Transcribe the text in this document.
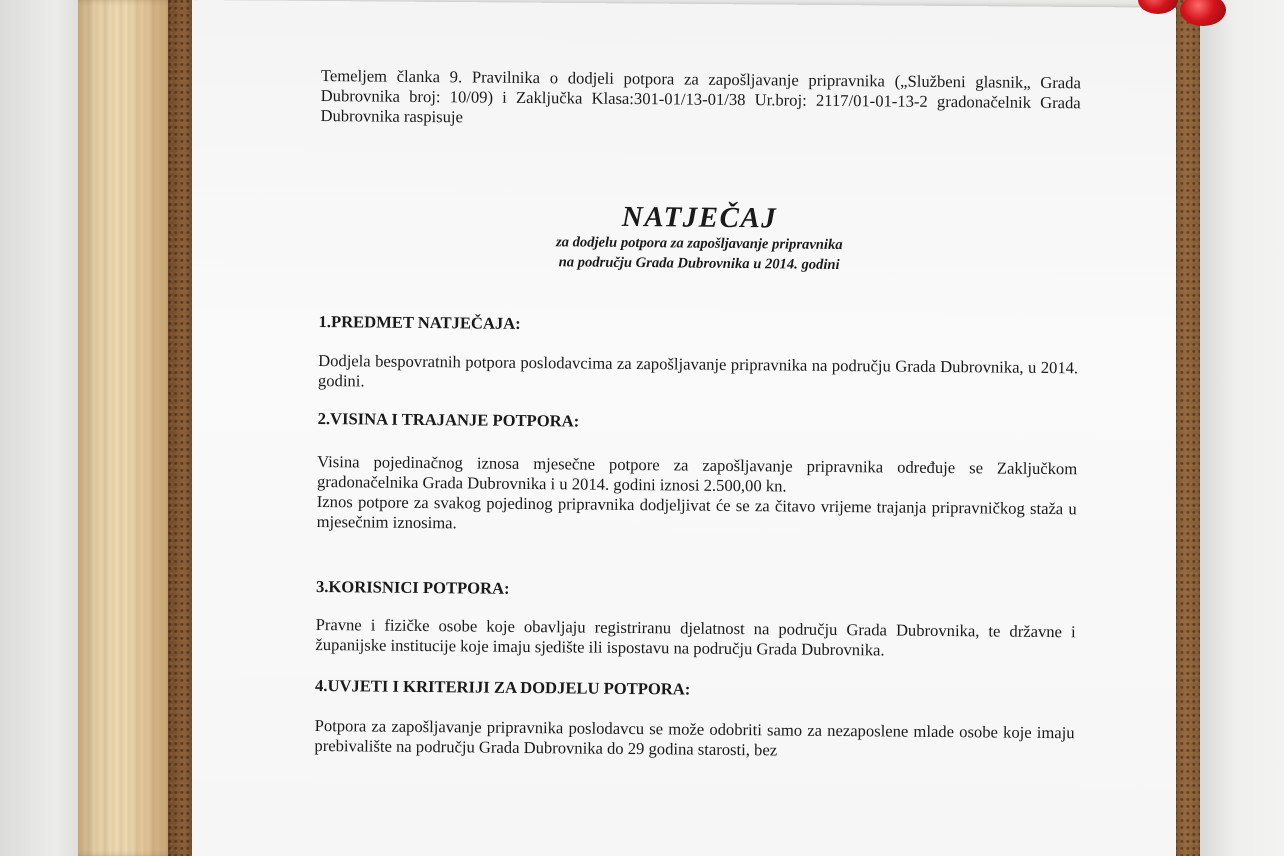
Temeljem članka 9. Pravilnika o dodjeli potpora za zapošljavanje pripravnika („Službeni glasnik„ Grada Dubrovnika broj: 10/09) i Zaključka Klasa:301-01/13-01/38 Ur.broj: 2117/01-01-13-2 gradonačelnik Grada Dubrovnika raspisuje

NATJEČAJ

za dodjelu potpora za zapošljavanje pripravnika

na području Grada Dubrovnika u 2014. godini

1.PREDMET NATJEČAJA:

Dodjela bespovratnih potpora poslodavcima za zapošljavanje pripravnika na području Grada Dubrovnika, u 2014. godini.

2.VISINA I TRAJANJE POTPORA:

Visina pojedinačnog iznosa mjesečne potpore za zapošljavanje pripravnika određuje se Zaključkom gradonačelnika Grada Dubrovnika i u 2014. godini iznosi 2.500,00 kn.

Iznos potpore za svakog pojedinog pripravnika dodjeljivat će se za čitavo vrijeme trajanja pripravničkog staža u mjesečnim iznosima.

3.KORISNICI POTPORA:

Pravne i fizičke osobe koje obavljaju registriranu djelatnost na području Grada Dubrovnika, te državne i županijske institucije koje imaju sjedište ili ispostavu na području Grada Dubrovnika.

4.UVJETI I KRITERIJI ZA DODJELU POTPORA:

Potpora za zapošljavanje pripravnika poslodavcu se može odobriti samo za nezaposlene mlade osobe koje imaju prebivalište na području Grada Dubrovnika do 29 godina starosti, bez
